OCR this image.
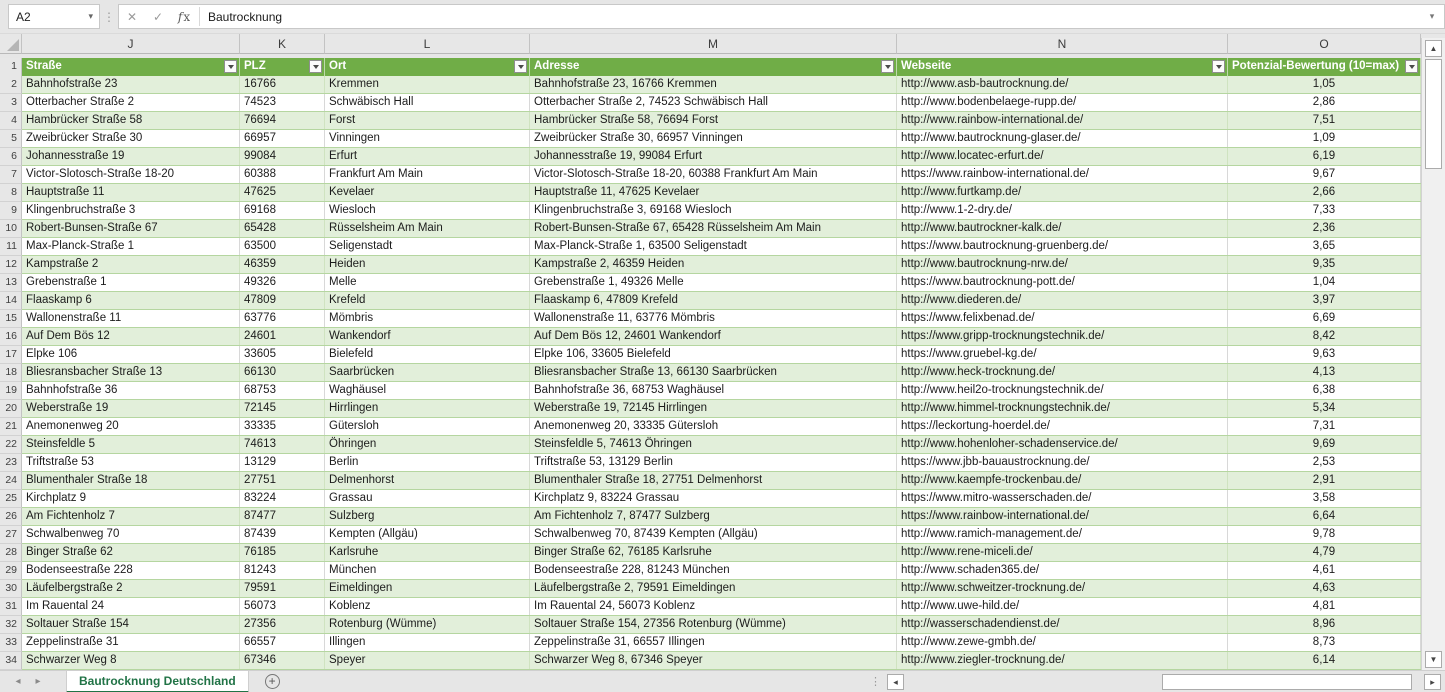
A2	▾ ⋮ ✕	✓	fx	Bautrocknung	▾
J	K	L	M	N	O
1 Straße	PLZ	Ort	Adresse	Webseite	Potenzial-Bewertung (10=max)
2 Bahnhofstraße 23	16766	Kremmen	Bahnhofstraße 23, 16766 Kremmen	http://www.asb-bautrocknung.de/	1,05
3 Otterbacher Straße 2	74523	Schwäbisch Hall	Otterbacher Straße 2, 74523 Schwäbisch Hall	http://www.bodenbelaege-rupp.de/	2,86
4 Hambrücker Straße 58	76694	Forst	Hambrücker Straße 58, 76694 Forst	http://www.rainbow-international.de/	7,51
5 Zweibrücker Straße 30	66957	Vinningen	Zweibrücker Straße 30, 66957 Vinningen	http://www.bautrocknung-glaser.de/	1,09
6 Johannesstraße 19	99084	Erfurt	Johannesstraße 19, 99084 Erfurt	http://www.locatec-erfurt.de/	6,19
7 Victor-Slotosch-Straße 18-20	60388	Frankfurt Am Main	Victor-Slotosch-Straße 18-20, 60388 Frankfurt Am Main	https://www.rainbow-international.de/	9,67
8 Hauptstraße 11	47625	Kevelaer	Hauptstraße 11, 47625 Kevelaer	http://www.furtkamp.de/	2,66
9 Klingenbruchstraße 3	69168	Wiesloch	Klingenbruchstraße 3, 69168 Wiesloch	http://www.1-2-dry.de/	7,33
10 Robert-Bunsen-Straße 67	65428	Rüsselsheim Am Main	Robert-Bunsen-Straße 67, 65428 Rüsselsheim Am Main	http://www.bautrockner-kalk.de/	2,36
11 Max-Planck-Straße 1	63500	Seligenstadt	Max-Planck-Straße 1, 63500 Seligenstadt	https://www.bautrocknung-gruenberg.de/	3,65
12 Kampstraße 2	46359	Heiden	Kampstraße 2, 46359 Heiden	http://www.bautrocknung-nrw.de/	9,35
13 Grebenstraße 1	49326	Melle	Grebenstraße 1, 49326 Melle	https://www.bautrocknung-pott.de/	1,04
14 Flaaskamp 6	47809	Krefeld	Flaaskamp 6, 47809 Krefeld	http://www.diederen.de/	3,97
15 Wallonenstraße 11	63776	Mömbris	Wallonenstraße 11, 63776 Mömbris	https://www.felixbenad.de/	6,69
16 Auf Dem Bös 12	24601	Wankendorf	Auf Dem Bös 12, 24601 Wankendorf	https://www.gripp-trocknungstechnik.de/	8,42
17 Elpke 106	33605	Bielefeld	Elpke 106, 33605 Bielefeld	https://www.gruebel-kg.de/	9,63
18 Bliesransbacher Straße 13	66130	Saarbrücken	Bliesransbacher Straße 13, 66130 Saarbrücken	http://www.heck-trocknung.de/	4,13
19 Bahnhofstraße 36	68753	Waghäusel	Bahnhofstraße 36, 68753 Waghäusel	http://www.heil2o-trocknungstechnik.de/	6,38
20 Weberstraße 19	72145	Hirrlingen	Weberstraße 19, 72145 Hirrlingen	http://www.himmel-trocknungstechnik.de/	5,34
21 Anemonenweg 20	33335	Gütersloh	Anemonenweg 20, 33335 Gütersloh	https://leckortung-hoerdel.de/	7,31
22 Steinsfeldle 5	74613	Öhringen	Steinsfeldle 5, 74613 Öhringen	http://www.hohenloher-schadenservice.de/	9,69
23 Triftstraße 53	13129	Berlin	Triftstraße 53, 13129 Berlin	https://www.jbb-bauaustrocknung.de/	2,53
24 Blumenthaler Straße 18	27751	Delmenhorst	Blumenthaler Straße 18, 27751 Delmenhorst	http://www.kaempfe-trockenbau.de/	2,91
25 Kirchplatz 9	83224	Grassau	Kirchplatz 9, 83224 Grassau	https://www.mitro-wasserschaden.de/	3,58
26 Am Fichtenholz 7	87477	Sulzberg	Am Fichtenholz 7, 87477 Sulzberg	https://www.rainbow-international.de/	6,64
27 Schwalbenweg 70	87439	Kempten (Allgäu)	Schwalbenweg 70, 87439 Kempten (Allgäu)	http://www.ramich-management.de/	9,78
28 Binger Straße 62	76185	Karlsruhe	Binger Straße 62, 76185 Karlsruhe	http://www.rene-miceli.de/	4,79
29 Bodenseestraße 228	81243	München	Bodenseestraße 228, 81243 München	http://www.schaden365.de/	4,61
30 Läufelbergstraße 2	79591	Eimeldingen	Läufelbergstraße 2, 79591 Eimeldingen	http://www.schweitzer-trocknung.de/	4,63
31 Im Rauental 24	56073	Koblenz	Im Rauental 24, 56073 Koblenz	http://www.uwe-hild.de/	4,81
32 Soltauer Straße 154	27356	Rotenburg (Wümme)	Soltauer Straße 154, 27356 Rotenburg (Wümme)	http://wasserschadendienst.de/	8,96
33 Zeppelinstraße 31	66557	Illingen	Zeppelinstraße 31, 66557 Illingen	http://www.zewe-gmbh.de/	8,73
34 Schwarzer Weg 8	67346	Speyer	Schwarzer Weg 8, 67346 Speyer	http://www.ziegler-trocknung.de/	6,14
▲
▼
◂	▸	Bautrocknung Deutschland	+	⋮	◂	▸
